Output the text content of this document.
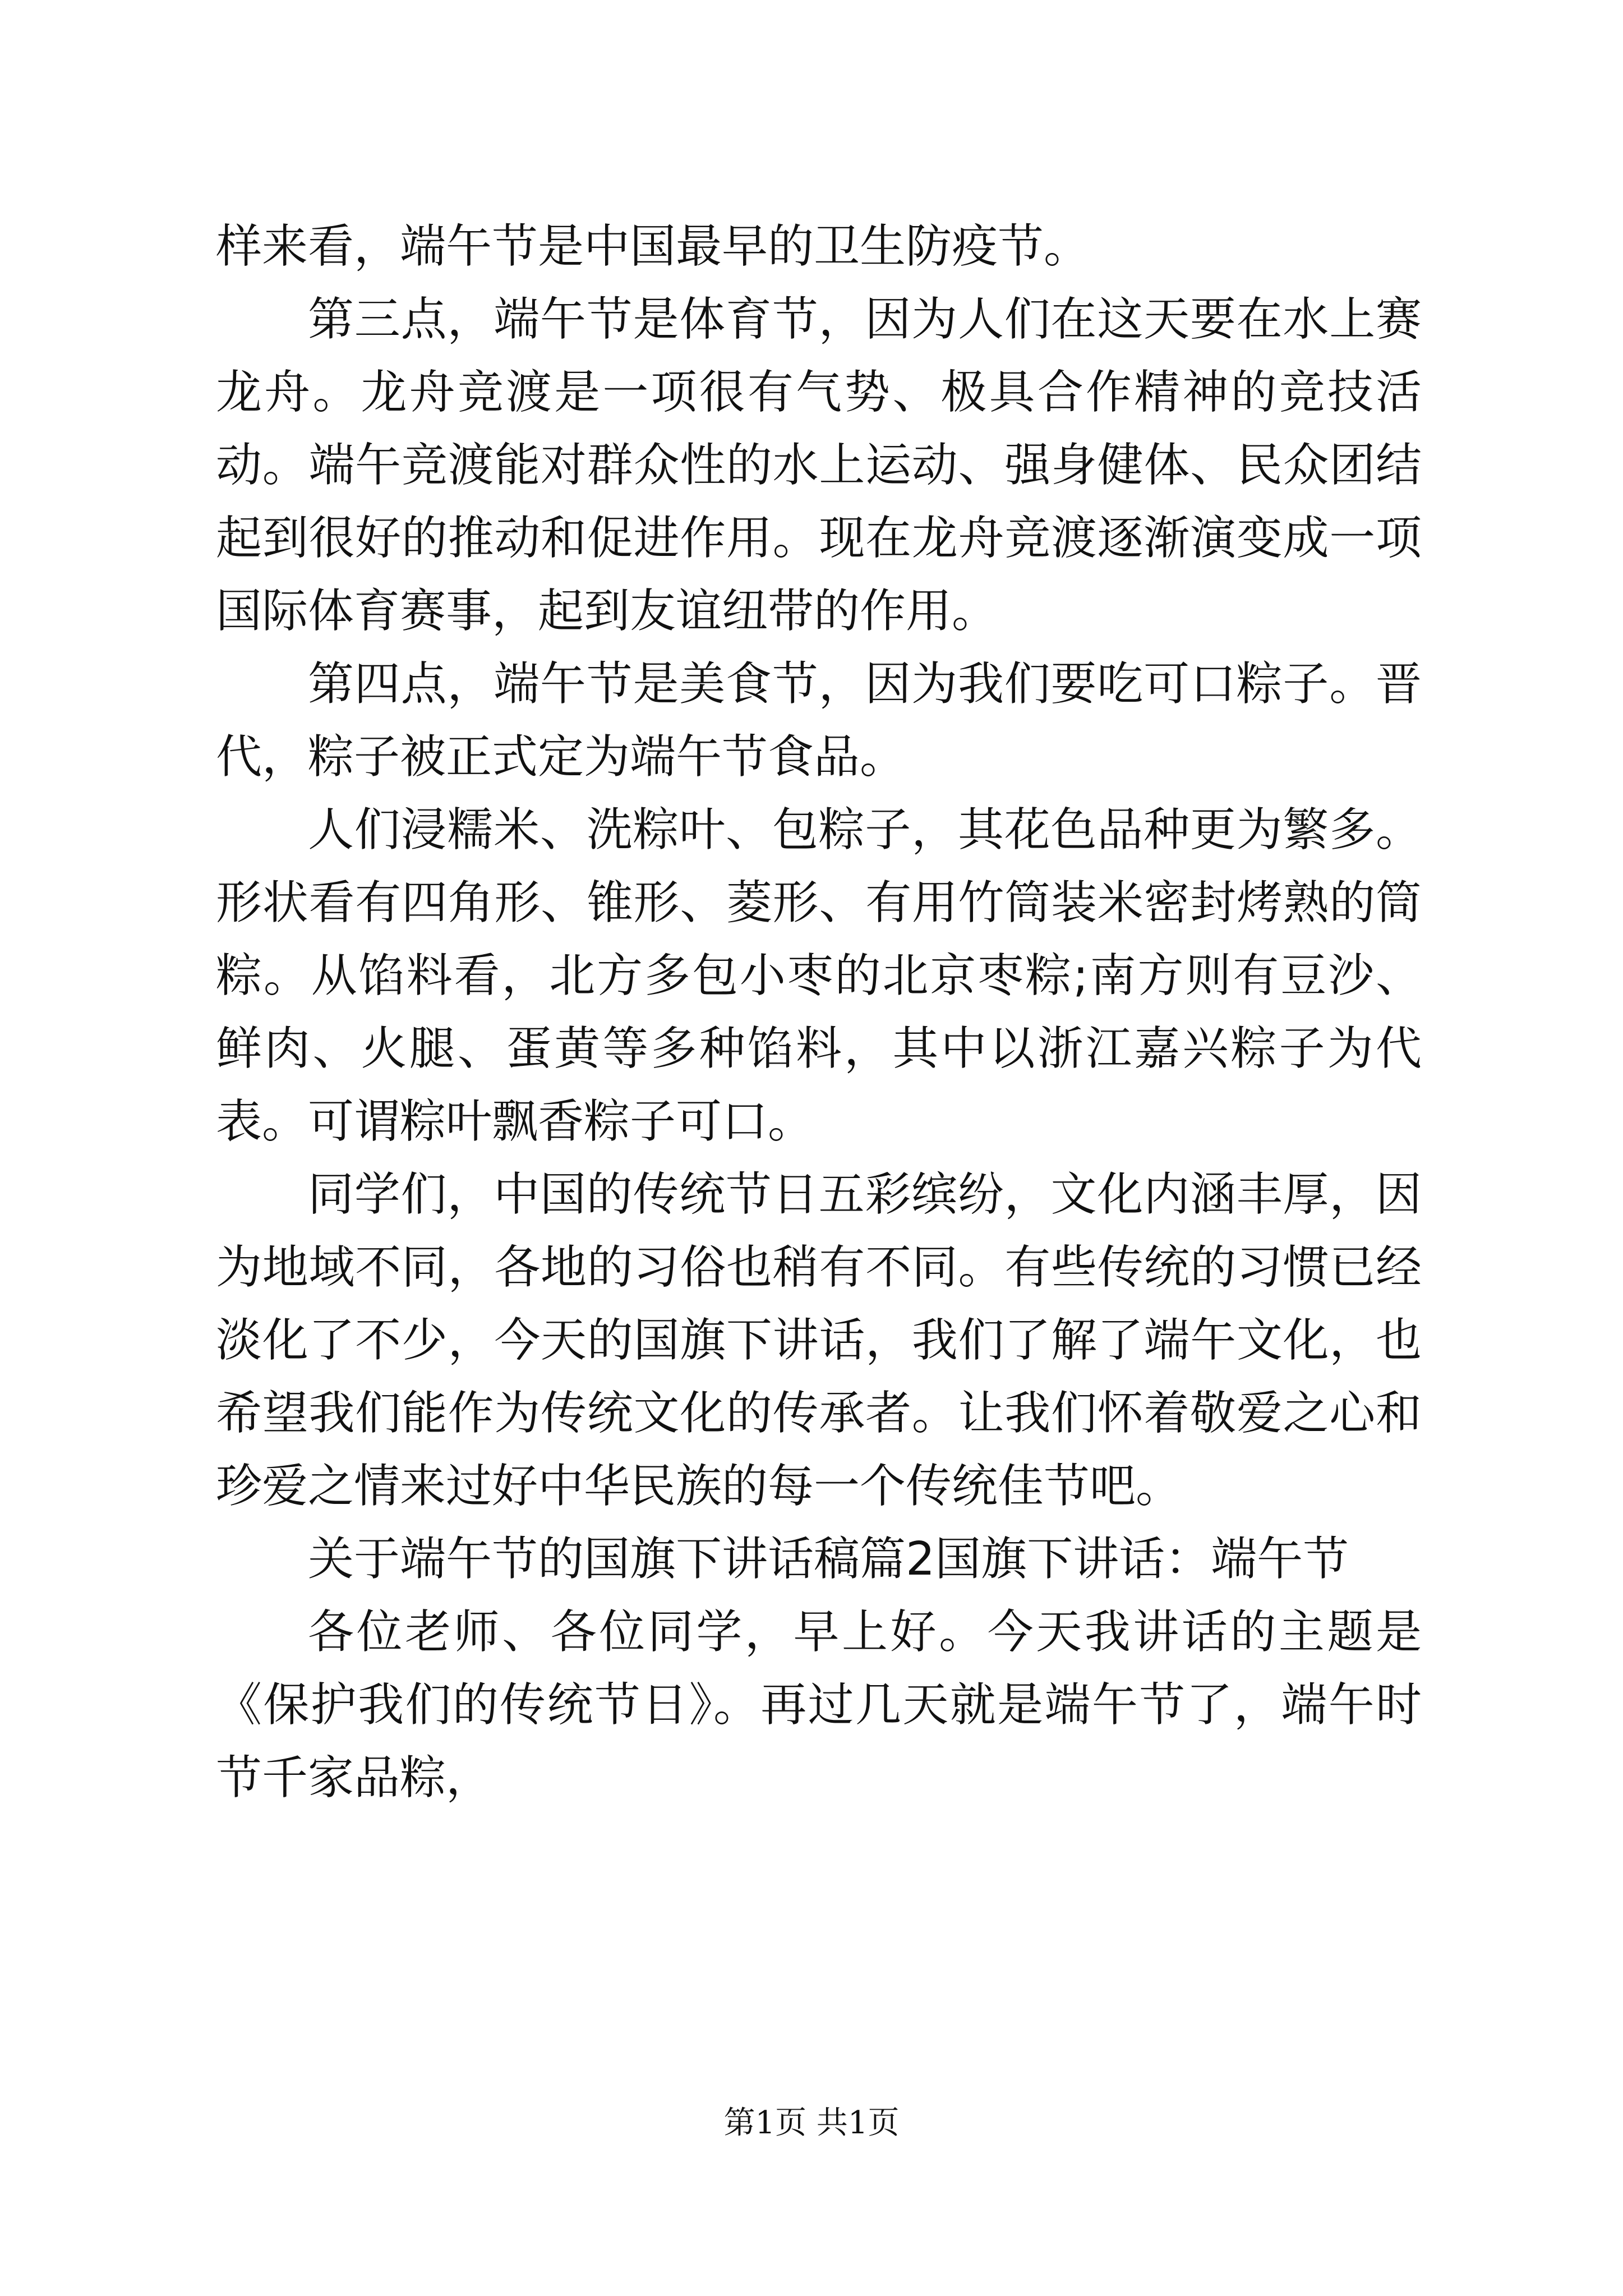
样来看，端午节是中国最早的卫生防疫节。

第三点，端午节是体育节，因为人们在这天要在水上赛龙舟。龙舟竞渡是一项很有气势、极具合作精神的竞技活动。端午竞渡能对群众性的水上运动、强身健体、民众团结起到很好的推动和促进作用。现在龙舟竞渡逐渐演变成一项国际体育赛事，起到友谊纽带的作用。

第四点，端午节是美食节，因为我们要吃可口粽子。晋代，粽子被正式定为端午节食品。

人们浸糯米、洗粽叶、包粽子，其花色品种更为繁多。形状看有四角形、锥形、菱形、有用竹筒装米密封烤熟的筒粽。从馅料看，北方多包小枣的北京枣粽;南方则有豆沙、鲜肉、火腿、蛋黄等多种馅料，其中以浙江嘉兴粽子为代表。可谓粽叶飘香粽子可口。

同学们，中国的传统节日五彩缤纷，文化内涵丰厚，因为地域不同，各地的习俗也稍有不同。有些传统的习惯已经淡化了不少，今天的国旗下讲话，我们了解了端午文化，也希望我们能作为传统文化的传承者。让我们怀着敬爱之心和珍爱之情来过好中华民族的每一个传统佳节吧。

关于端午节的国旗下讲话稿篇2国旗下讲话：端午节

各位老师、各位同学，早上好。今天我讲话的主题是《保护我们的传统节日》。再过几天就是端午节了，端午时节千家品粽，

第1页 共1页
